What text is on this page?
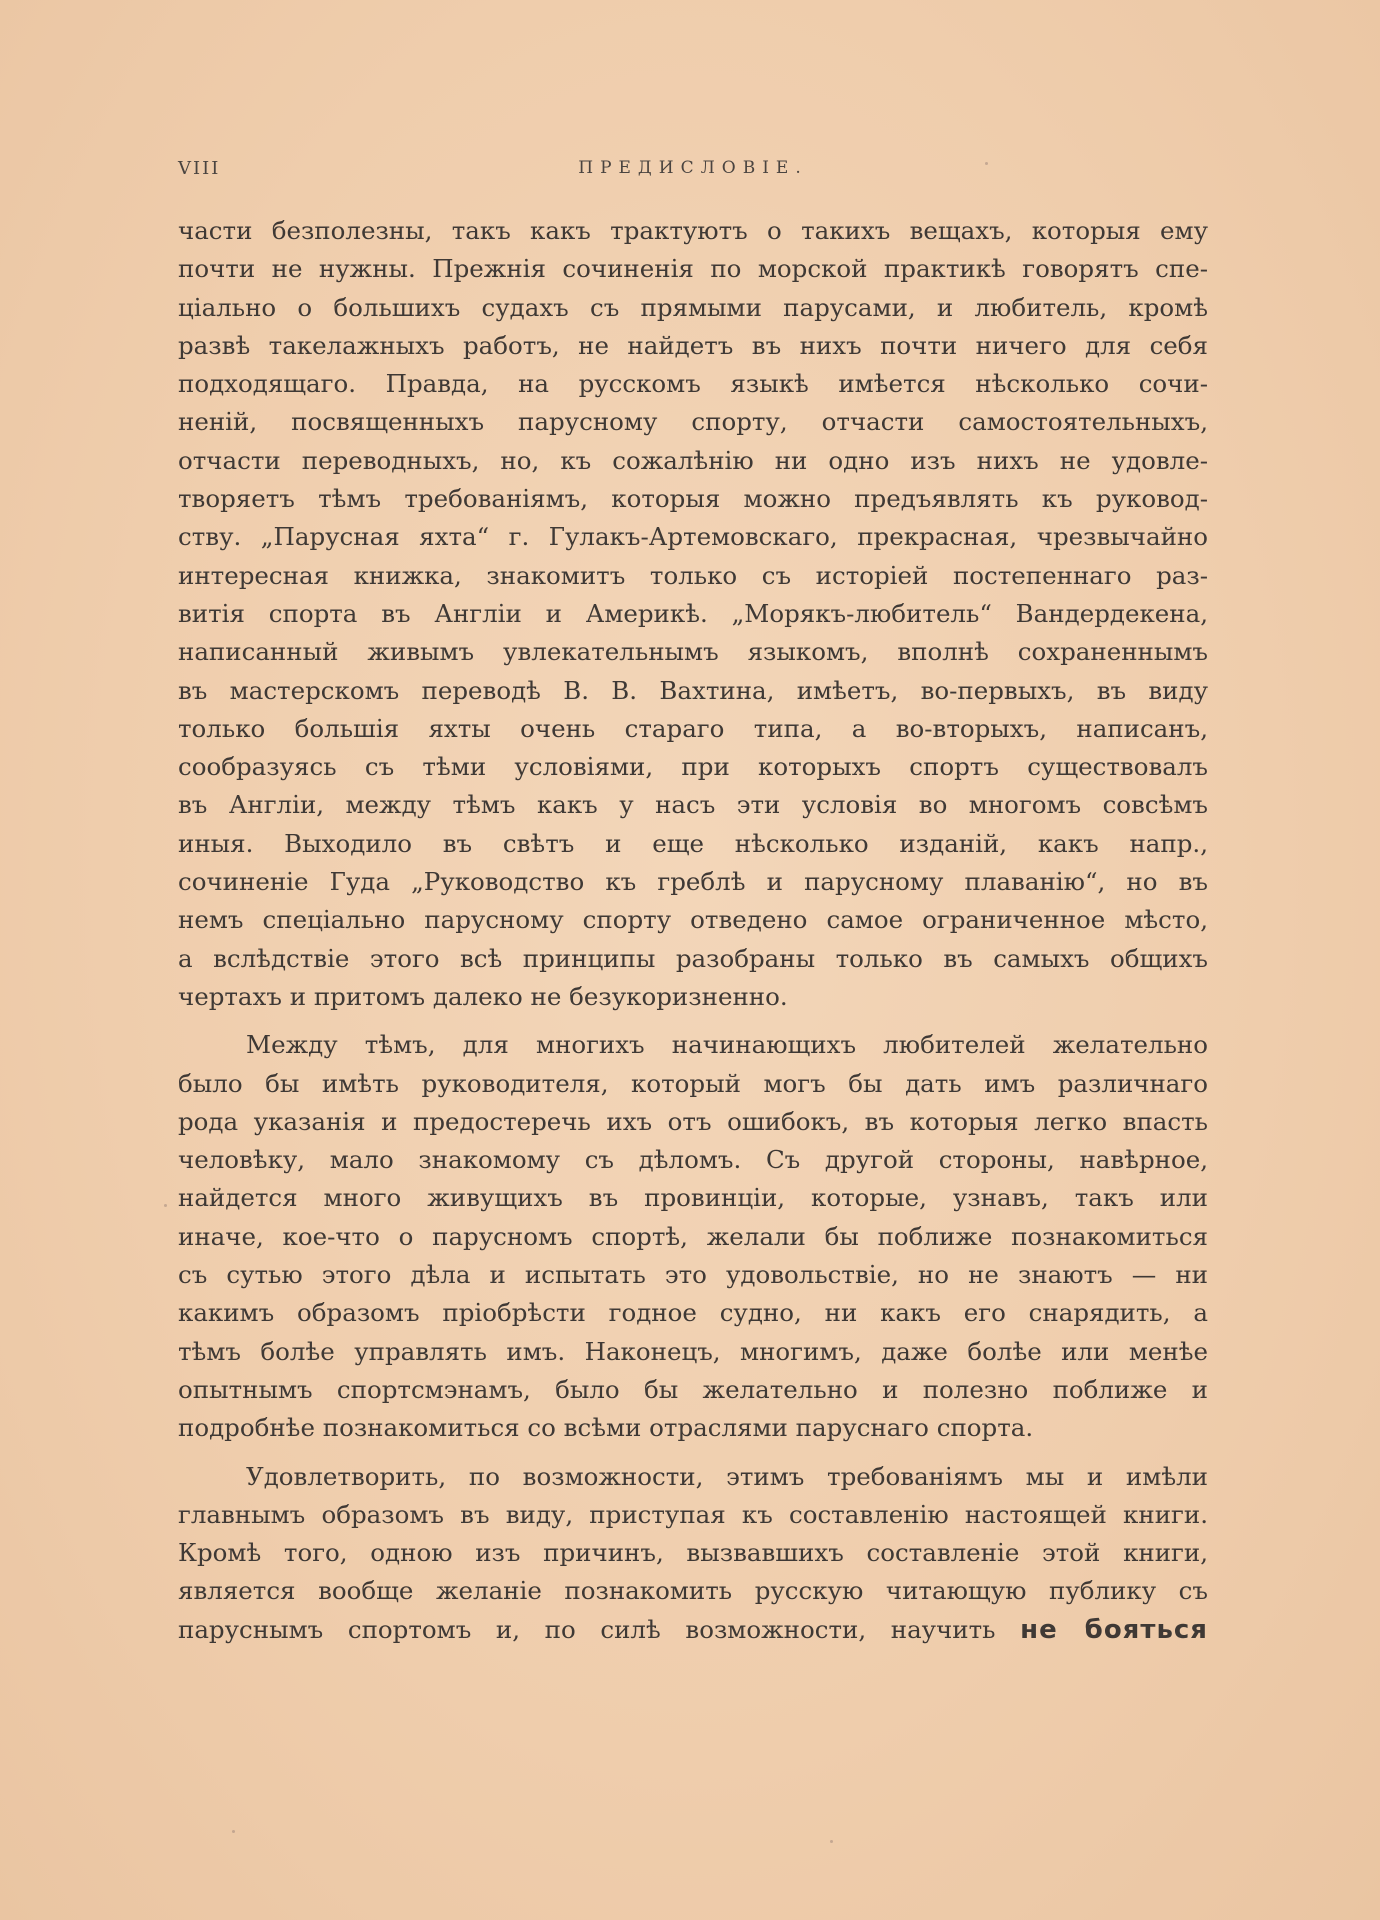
VIII	ПРЕДИСЛОВІЕ.
части безполезны, такъ какъ трактуютъ о такихъ вещахъ, которыя ему
почти не нужны. Прежнія сочиненія по морской практикѣ говорятъ спе-
ціально о большихъ судахъ съ прямыми парусами, и любитель, кромѣ
развѣ такелажныхъ работъ, не найдетъ въ нихъ почти ничего для себя
подходящаго. Правда, на русскомъ языкѣ имѣется нѣсколько сочи-
неній, посвященныхъ парусному спорту, отчасти самостоятельныхъ,
отчасти переводныхъ, но, къ сожалѣнію ни одно изъ нихъ не удовле-
творяетъ тѣмъ требованіямъ, которыя можно предъявлять къ руковод-
ству. „Парусная яхта“ г. Гулакъ-Артемовскаго, прекрасная, чрезвычайно
интересная книжка, знакомитъ только съ исторіей постепеннаго раз-
витія спорта въ Англіи и Америкѣ. „Морякъ-любитель“ Вандердекена,
написанный живымъ увлекательнымъ языкомъ, вполнѣ сохраненнымъ
въ мастерскомъ переводѣ В. В. Вахтина, имѣетъ, во-первыхъ, въ виду
только большія яхты очень стараго типа, а во-вторыхъ, написанъ,
сообразуясь съ тѣми условіями, при которыхъ спортъ существовалъ
въ Англіи, между тѣмъ какъ у насъ эти условія во многомъ совсѣмъ
иныя. Выходило въ свѣтъ и еще нѣсколько изданій, какъ напр.,
сочиненіе Гуда „Руководство къ греблѣ и парусному плаванію“, но въ
немъ спеціально парусному спорту отведено самое ограниченное мѣсто,
а вслѣдствіе этого всѣ принципы разобраны только въ самыхъ общихъ
чертахъ и притомъ далеко не безукоризненно.
Между тѣмъ, для многихъ начинающихъ любителей желательно
было бы имѣть руководителя, который могъ бы дать имъ различнаго
рода указанія и предостеречь ихъ отъ ошибокъ, въ которыя легко впасть
человѣку, мало знакомому съ дѣломъ. Съ другой стороны, навѣрное,
найдется много живущихъ въ провинціи, которые, узнавъ, такъ или
иначе, кое-что о парусномъ спортѣ, желали бы поближе познакомиться
съ сутью этого дѣла и испытать это удовольствіе, но не знаютъ — ни
какимъ образомъ пріобрѣсти годное судно, ни какъ его снарядить, а
тѣмъ болѣе управлять имъ. Наконецъ, многимъ, даже болѣе или менѣе
опытнымъ спортсмэнамъ, было бы желательно и полезно поближе и
подробнѣе познакомиться со всѣми отраслями паруснаго спорта.
Удовлетворить, по возможности, этимъ требованіямъ мы и имѣли
главнымъ образомъ въ виду, приступая къ составленію настоящей книги.
Кромѣ того, одною изъ причинъ, вызвавшихъ составленіе этой книги,
является вообще желаніе познакомить русскую читающую публику съ
паруснымъ спортомъ и, по силѣ возможности, научить не бояться
